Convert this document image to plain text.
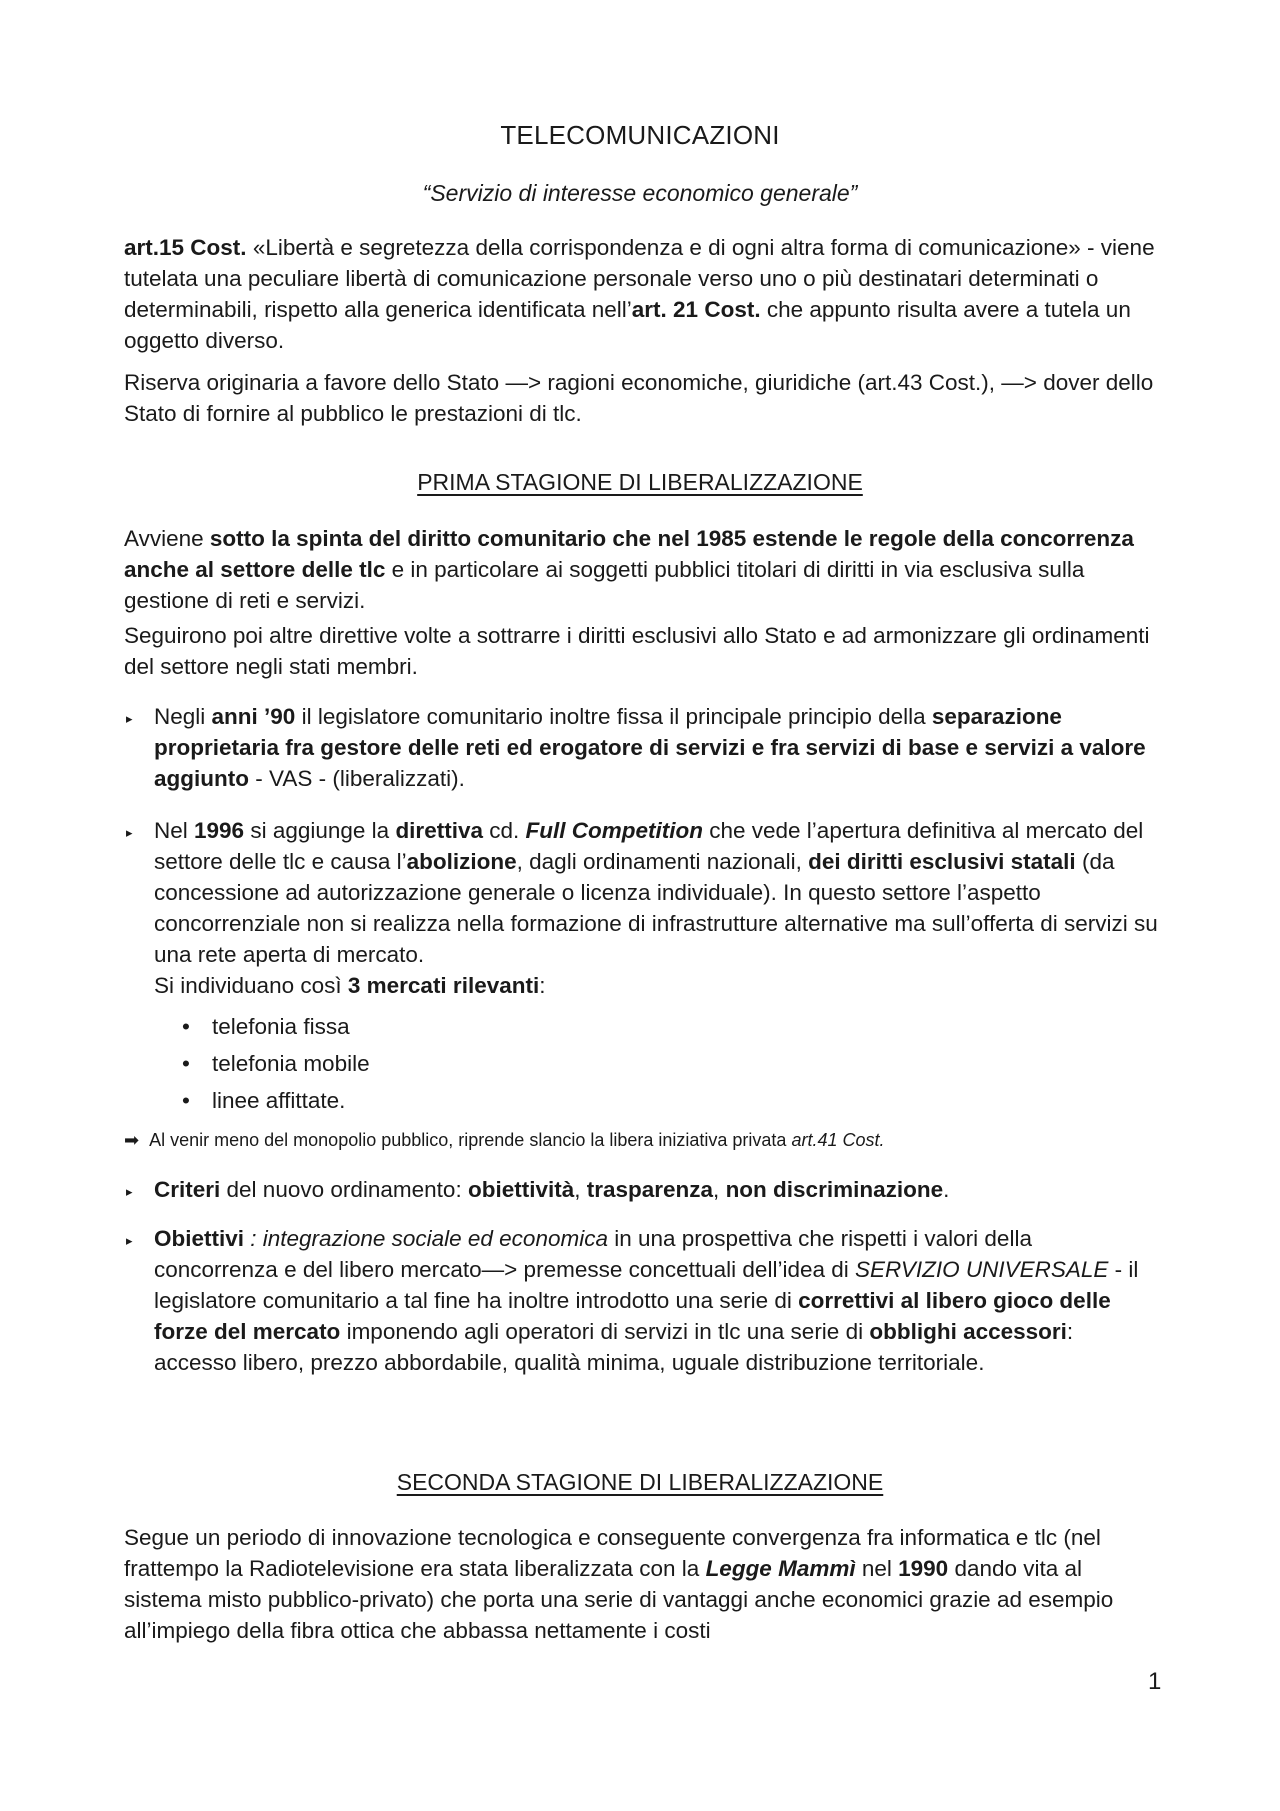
TELECOMUNICAZIONI
“Servizio di interesse economico generale”

art.15 Cost. «Libertà e segretezza della corrispondenza e di ogni altra forma di comunicazione» - viene tutelata una peculiare libertà di comunicazione personale verso uno o più destinatari determinati o determinabili, rispetto alla generica identificata nell’art. 21 Cost. che appunto risulta avere a tutela un oggetto diverso.

Riserva originaria a favore dello Stato —> ragioni economiche, giuridiche (art.43 Cost.), —> dover dello Stato di fornire al pubblico le prestazioni di tlc.

PRIMA STAGIONE DI LIBERALIZZAZIONE

Avviene sotto la spinta del diritto comunitario che nel 1985 estende le regole della concorrenza anche al settore delle tlc e in particolare ai soggetti pubblici titolari di diritti in via esclusiva sulla gestione di reti e servizi.

Seguirono poi altre direttive volte a sottrarre i diritti esclusivi allo Stato e ad armonizzare gli ordinamenti del settore negli stati membri.

▸ Negli anni ’90 il legislatore comunitario inoltre fissa il principale principio della separazione proprietaria fra gestore delle reti ed erogatore di servizi e fra servizi di base e servizi a valore aggiunto - VAS - (liberalizzati).
▸ Nel 1996 si aggiunge la direttiva cd. Full Competition che vede l’apertura definitiva al mercato del settore delle tlc e causa l’abolizione, dagli ordinamenti nazionali, dei diritti esclusivi statali (da concessione ad autorizzazione generale o licenza individuale). In questo settore l’aspetto concorrenziale non si realizza nella formazione di infrastrutture alternative ma sull’offerta di servizi su una rete aperta di mercato.
Si individuano così 3 mercati rilevanti:
• telefonia fissa
• telefonia mobile
• linee affittate.
➡ Al venir meno del monopolio pubblico, riprende slancio la libera iniziativa privata art.41 Cost.
▸ Criteri del nuovo ordinamento: obiettività, trasparenza, non discriminazione.
▸ Obiettivi : integrazione sociale ed economica in una prospettiva che rispetti i valori della concorrenza e del libero mercato—> premesse concettuali dell’idea di SERVIZIO UNIVERSALE - il legislatore comunitario a tal fine ha inoltre introdotto una serie di correttivi al libero gioco delle forze del mercato imponendo agli operatori di servizi in tlc una serie di obblighi accessori: accesso libero, prezzo abbordabile, qualità minima, uguale distribuzione territoriale.
SECONDA STAGIONE DI LIBERALIZZAZIONE

Segue un periodo di innovazione tecnologica e conseguente convergenza fra informatica e tlc (nel frattempo la Radiotelevisione era stata liberalizzata con la Legge Mammì nel 1990 dando vita al sistema misto pubblico-privato) che porta una serie di vantaggi anche economici grazie ad esempio all’impiego della fibra ottica che abbassa nettamente i costi

1
